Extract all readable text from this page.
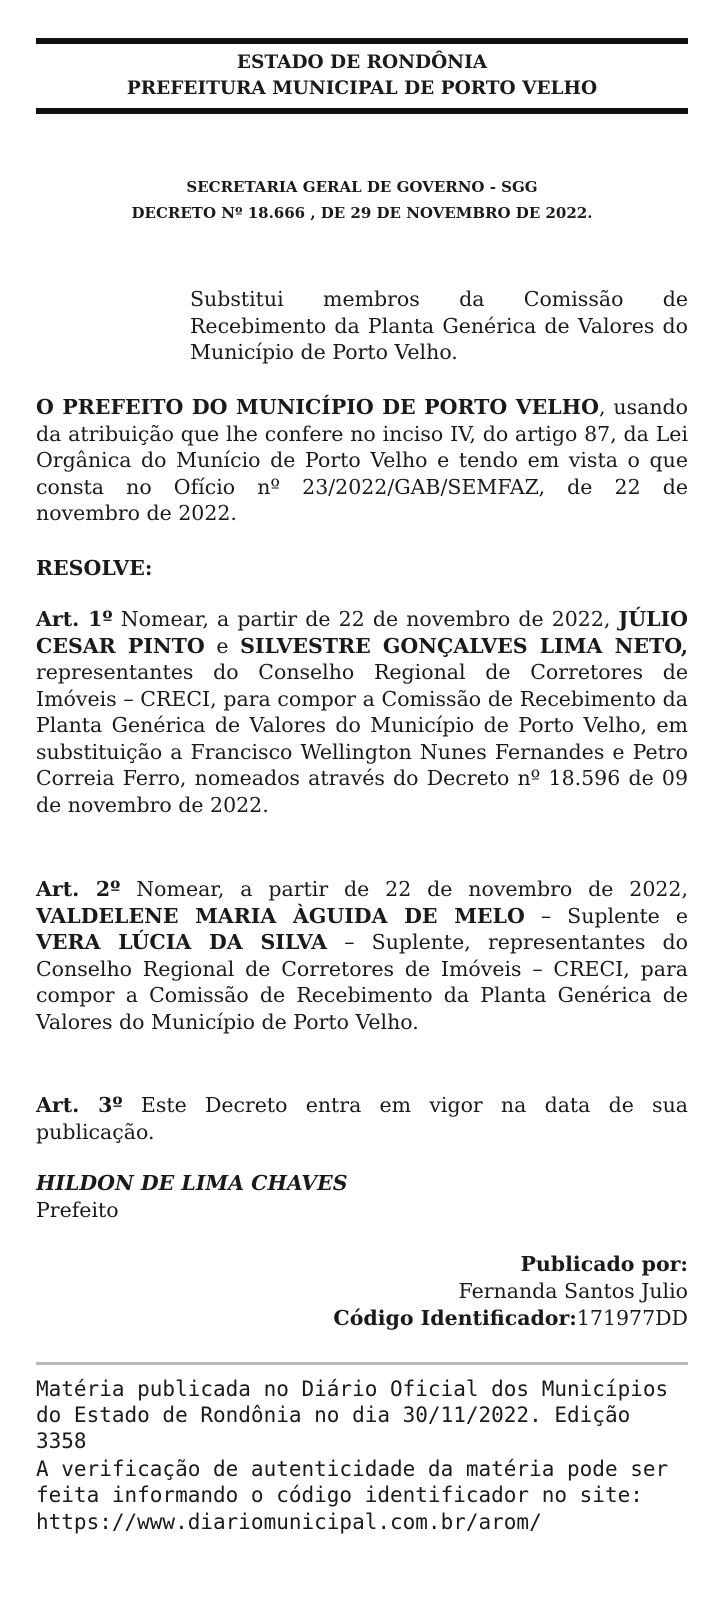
ESTADO DE RONDÔNIA
PREFEITURA MUNICIPAL DE PORTO VELHO
SECRETARIA GERAL DE GOVERNO - SGG
DECRETO Nº 18.666 , DE 29 DE NOVEMBRO DE 2022.
Substitui membros da Comissão de Recebimento da Planta Genérica de Valores do Município de Porto Velho.
O PREFEITO DO MUNICÍPIO DE PORTO VELHO, usando da atribuição que lhe confere no inciso IV, do artigo 87, da Lei Orgânica do Munício de Porto Velho e tendo em vista o que consta no Ofício nº 23/2022/GAB/SEMFAZ, de 22 de novembro de 2022.
RESOLVE:
Art. 1º Nomear, a partir de 22 de novembro de 2022, JÚLIO CESAR PINTO e SILVESTRE GONÇALVES LIMA NETO, representantes do Conselho Regional de Corretores de Imóveis – CRECI, para compor a Comissão de Recebimento da Planta Genérica de Valores do Município de Porto Velho, em substituição a Francisco Wellington Nunes Fernandes e Petro Correia Ferro, nomeados através do Decreto nº 18.596 de 09 de novembro de 2022.
Art. 2º Nomear, a partir de 22 de novembro de 2022, VALDELENE MARIA ÀGUIDA DE MELO – Suplente e VERA LÚCIA DA SILVA – Suplente, representantes do Conselho Regional de Corretores de Imóveis – CRECI, para compor a Comissão de Recebimento da Planta Genérica de Valores do Município de Porto Velho.
Art. 3º Este Decreto entra em vigor na data de sua publicação.
HILDON DE LIMA CHAVES
Prefeito
Publicado por:
Fernanda Santos Julio
Código Identificador:171977DD
Matéria publicada no Diário Oficial dos Municípios
do Estado de Rondônia no dia 30/11/2022. Edição
3358
A verificação de autenticidade da matéria pode ser
feita informando o código identificador no site:
https://www.diariomunicipal.com.br/arom/
